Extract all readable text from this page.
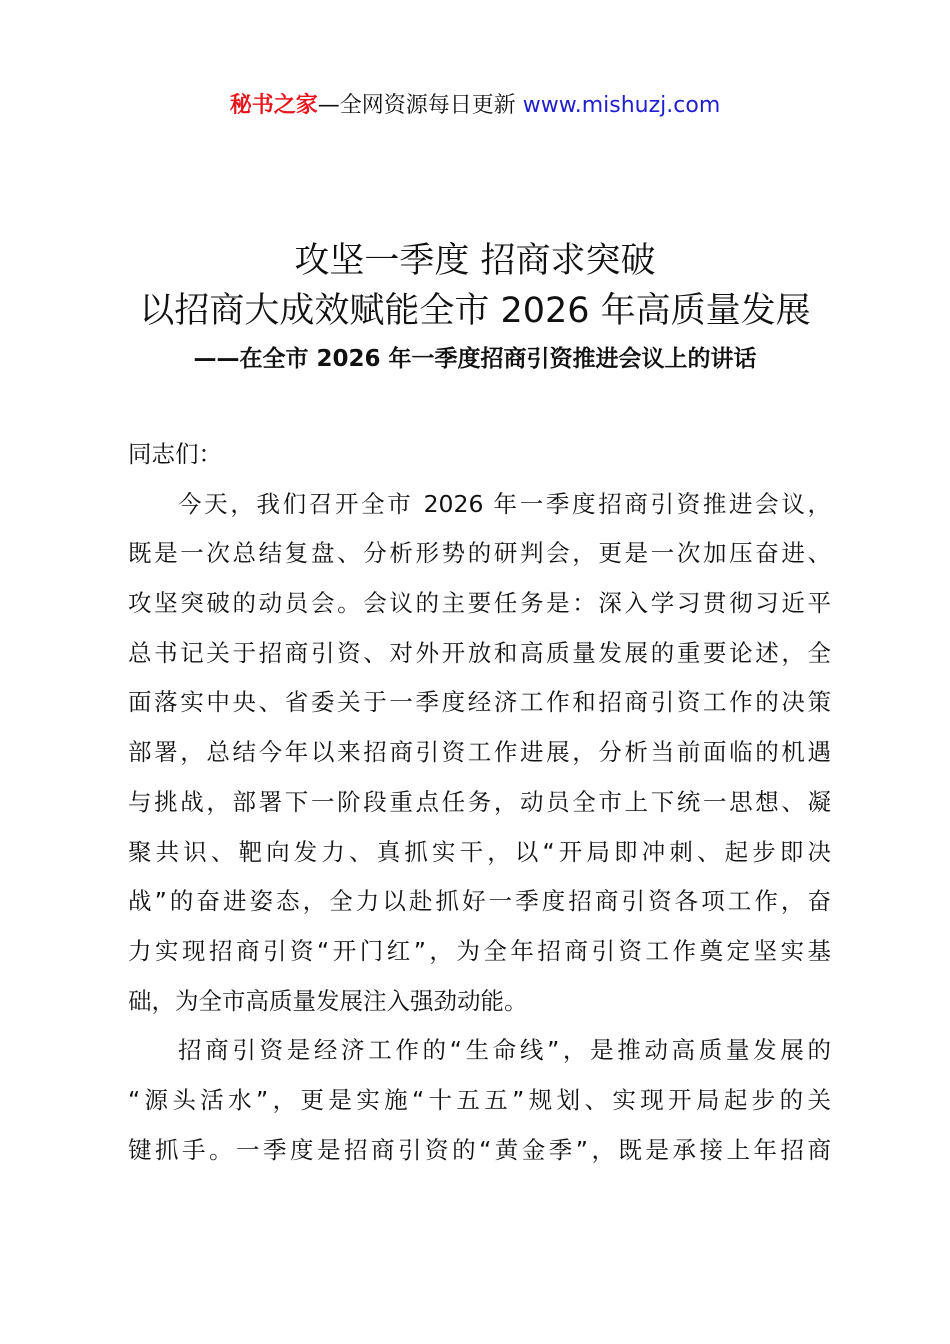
秘书之家—全网资源每日更新 www.mishuzj.com
攻坚一季度 招商求突破
以招商大成效赋能全市 2026 年高质量发展
——在全市 2026 年一季度招商引资推进会议上的讲话
同志们：
今天，我们召开全市 2026 年一季度招商引资推进会议，
既是一次总结复盘、分析形势的研判会，更是一次加压奋进、
攻坚突破的动员会。会议的主要任务是：深入学习贯彻习近平
总书记关于招商引资、对外开放和高质量发展的重要论述，全
面落实中央、省委关于一季度经济工作和招商引资工作的决策
部署，总结今年以来招商引资工作进展，分析当前面临的机遇
与挑战，部署下一阶段重点任务，动员全市上下统一思想、凝
聚共识、靶向发力、真抓实干，以“开局即冲刺、起步即决
战”的奋进姿态，全力以赴抓好一季度招商引资各项工作，奋
力实现招商引资“开门红”，为全年招商引资工作奠定坚实基
础，为全市高质量发展注入强劲动能。
招商引资是经济工作的“生命线”，是推动高质量发展的
“源头活水”，更是实施“十五五”规划、实现开局起步的关
键抓手。一季度是招商引资的“黄金季”，既是承接上年招商
